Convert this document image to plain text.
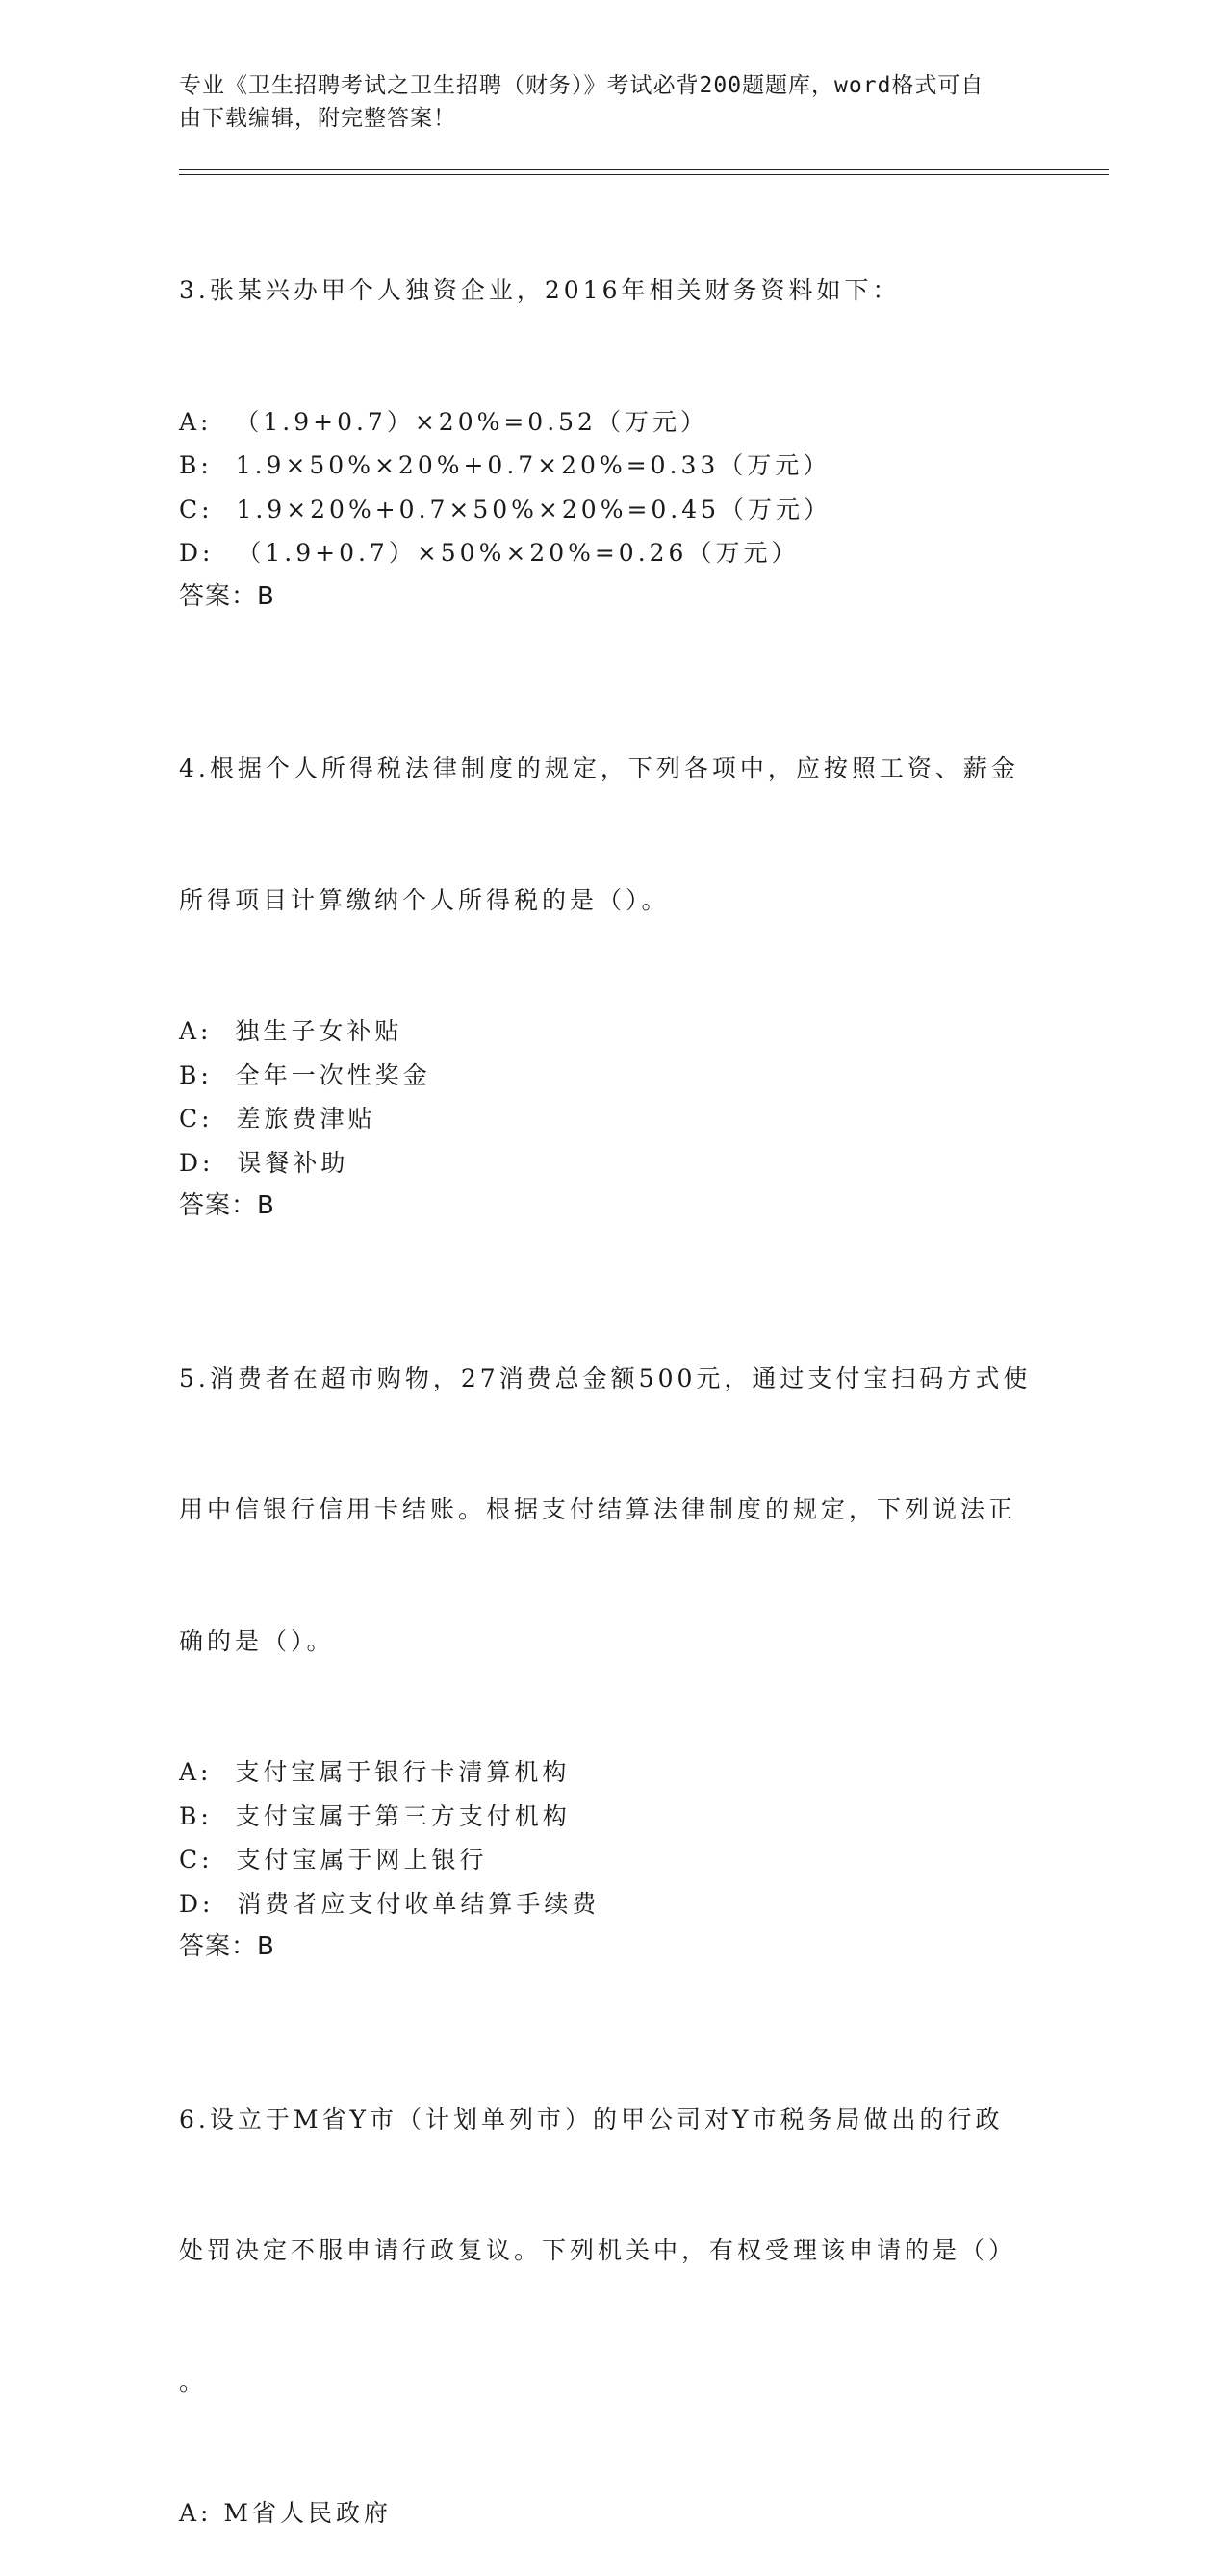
专业《卫生招聘考试之卫生招聘（财务）》考试必背200题题库，word格式可自
由下载编辑，附完整答案！

3.张某兴办甲个人独资企业，2016年相关财务资料如下：

A:  （1.9+0.7）×20%=0.52（万元）

B:  1.9×50%×20%+0.7×20%=0.33（万元）

C:  1.9×20%+0.7×50%×20%=0.45（万元）

D:  （1.9+0.7）×50%×20%=0.26（万元）

答案：B

4.根据个人所得税法律制度的规定，下列各项中，应按照工资、薪金

所得项目计算缴纳个人所得税的是（）。

A:  独生子女补贴

B:  全年一次性奖金

C:  差旅费津贴

D:  误餐补助

答案：B

5.消费者在超市购物，27消费总金额500元，通过支付宝扫码方式使

用中信银行信用卡结账。根据支付结算法律制度的规定，下列说法正

确的是（）。

A:  支付宝属于银行卡清算机构

B:  支付宝属于第三方支付机构

C:  支付宝属于网上银行

D:  消费者应支付收单结算手续费

答案：B

6.设立于M省Y市（计划单列市）的甲公司对Y市税务局做出的行政

处罚决定不服申请行政复议。下列机关中，有权受理该申请的是（）

。

A: M省人民政府
